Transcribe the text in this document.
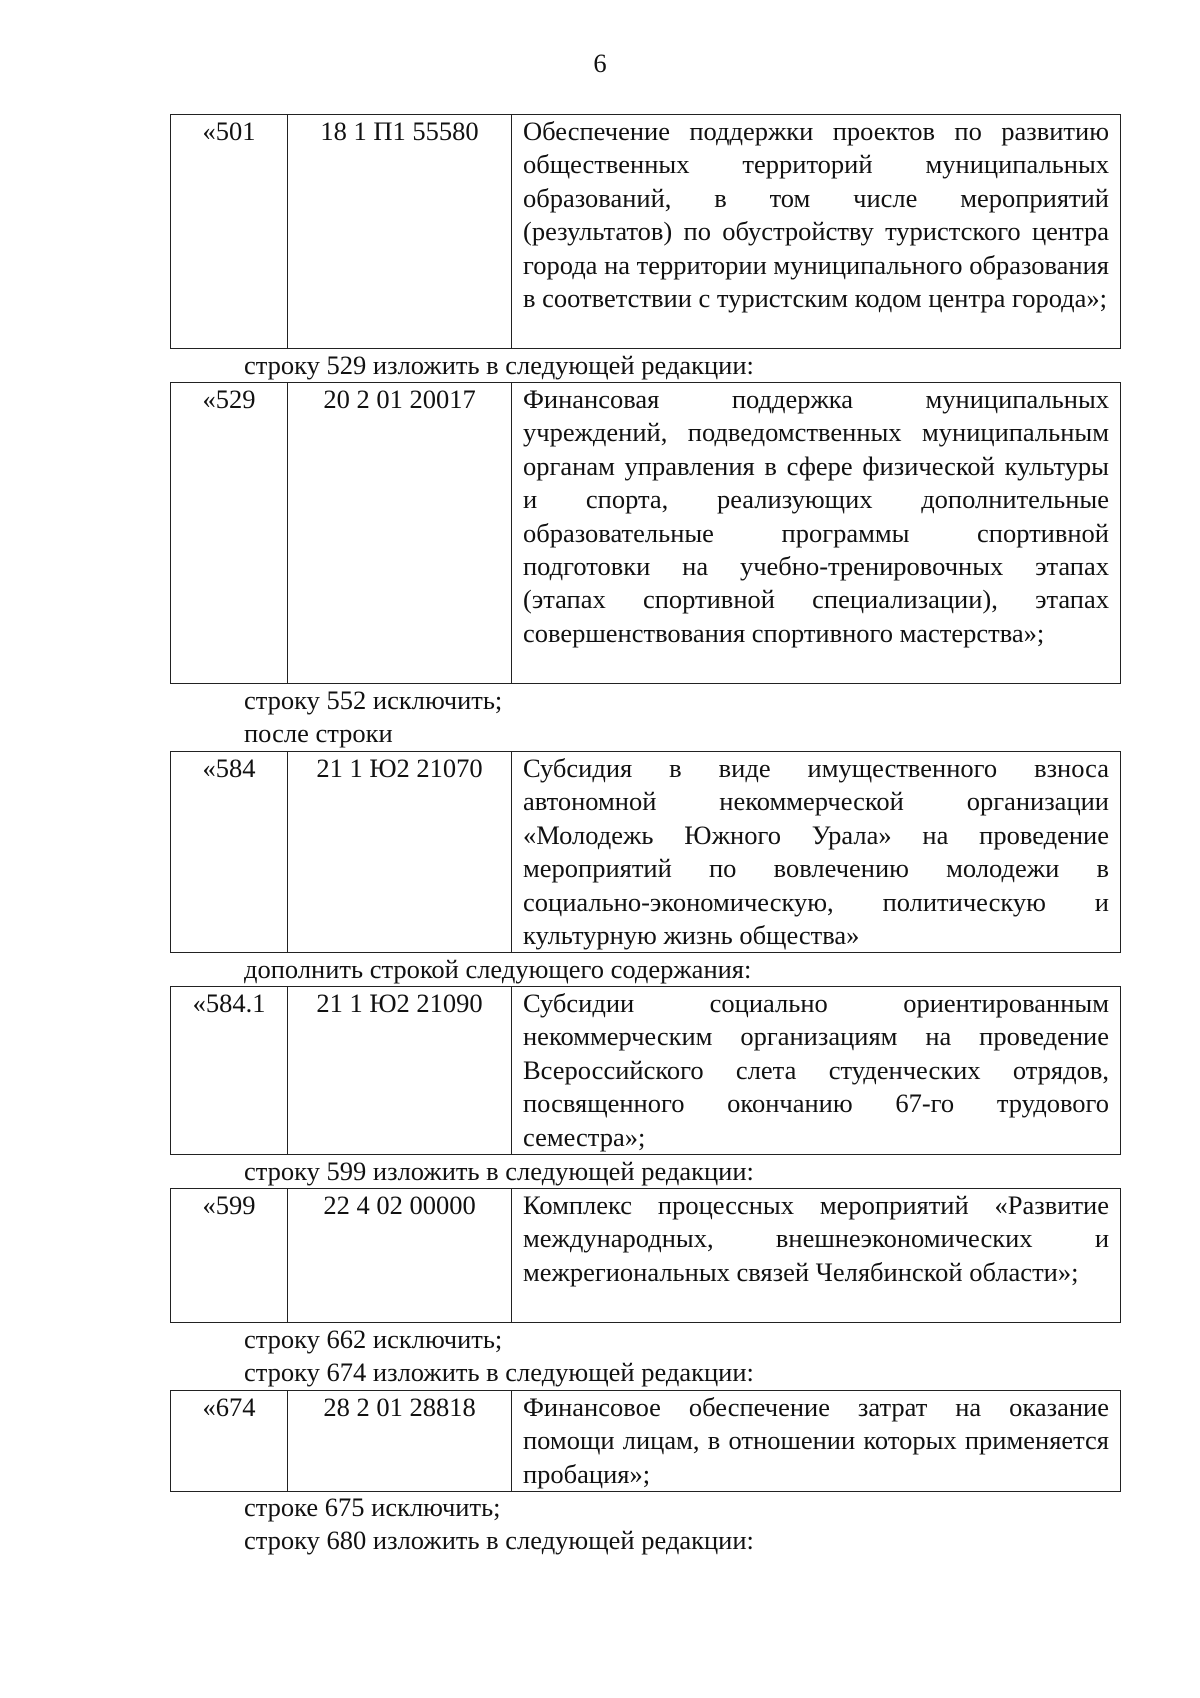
6
«501	18 1 П1 55580	Обеспечение поддержки проектов по развитию общественных территорий муниципальных образований, в том числе мероприятий (результатов) по обустройству туристского центра города на территории муниципального образования в соответствии с туристским кодом центра города»;
строку 529 изложить в следующей редакции:
«529	20 2 01 20017	Финансовая поддержка муниципальных учреждений, подведомственных муниципальным органам управления в сфере физической культуры и спорта, реализующих дополнительные образовательные программы спортивной подготовки на учебно-тренировочных этапах (этапах спортивной специализации), этапах совершенствования спортивного мастерства»;
строку 552 исключить;
после строки
«584	21 1 Ю2 21070	Субсидия в виде имущественного взноса автономной некоммерческой организации «Молодежь Южного Урала» на проведение мероприятий по вовлечению молодежи в социально-экономическую, политическую и культурную жизнь общества»
дополнить строкой следующего содержания:
«584.1	21 1 Ю2 21090	Субсидии социально ориентированным некоммерческим организациям на проведение Всероссийского слета студенческих отрядов, посвященного окончанию 67-го трудового семестра»;
строку 599 изложить в следующей редакции:
«599	22 4 02 00000	Комплекс процессных мероприятий «Развитие международных, внешнеэкономических и межрегиональных связей Челябинской области»;
строку 662 исключить;
строку 674 изложить в следующей редакции:
«674	28 2 01 28818	Финансовое обеспечение затрат на оказание помощи лицам, в отношении которых применяется пробация»;
строке 675 исключить;
строку 680 изложить в следующей редакции:
